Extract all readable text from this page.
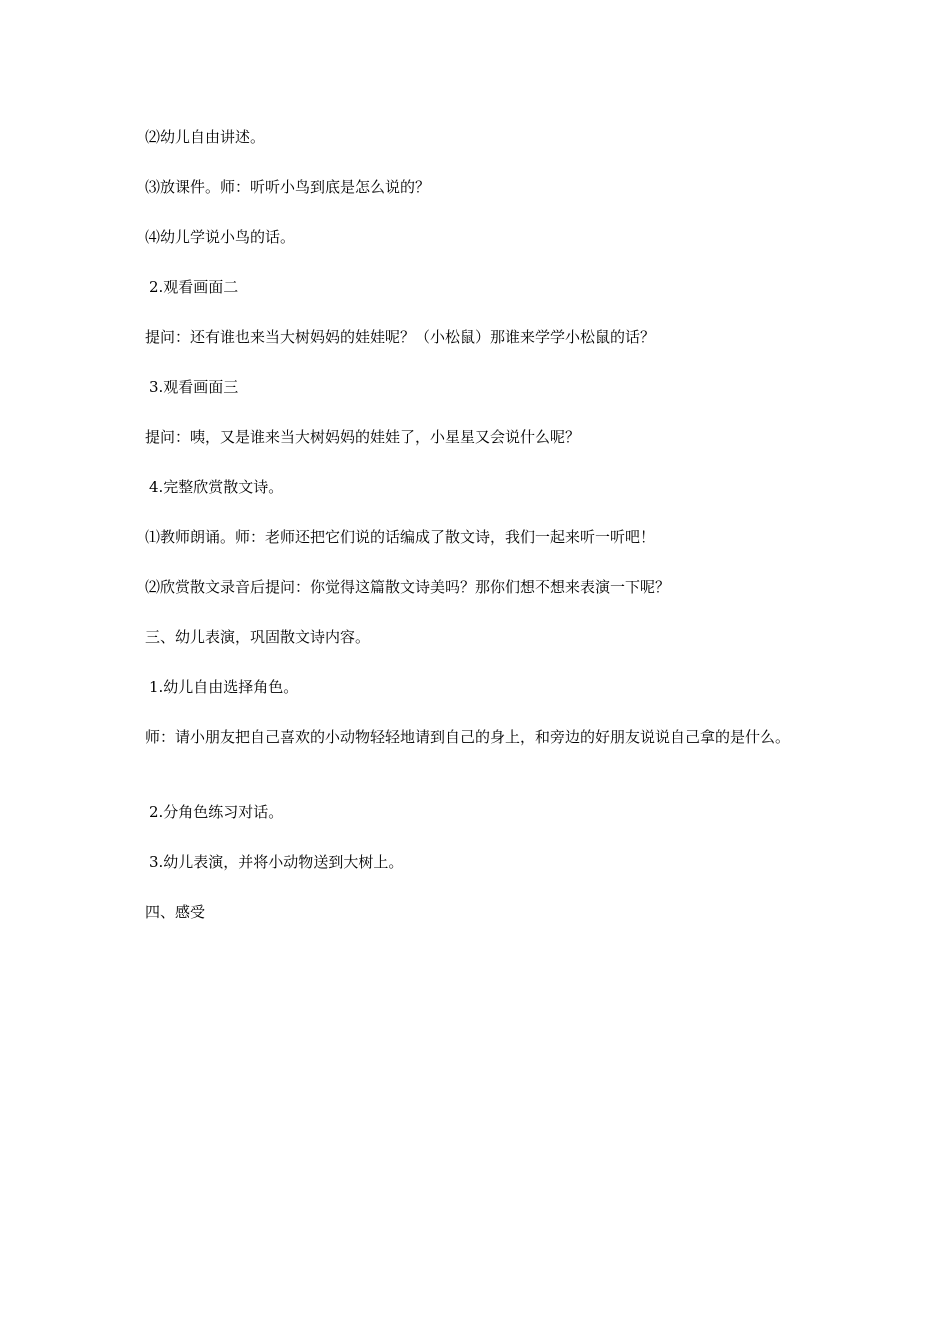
⑵幼儿自由讲述。

⑶放课件。师：听听小鸟到底是怎么说的？

⑷幼儿学说小鸟的话。

2.观看画面二

提问：还有谁也来当大树妈妈的娃娃呢？（小松鼠）那谁来学学小松鼠的话？

3.观看画面三

提问：咦，又是谁来当大树妈妈的娃娃了，小星星又会说什么呢？

4.完整欣赏散文诗。

⑴教师朗诵。师：老师还把它们说的话编成了散文诗，我们一起来听一听吧！

⑵欣赏散文录音后提问：你觉得这篇散文诗美吗？那你们想不想来表演一下呢？

三、幼儿表演，巩固散文诗内容。

1.幼儿自由选择角色。

师：请小朋友把自己喜欢的小动物轻轻地请到自己的身上，和旁边的好朋友说说自己拿的是什么。

2.分角色练习对话。

3.幼儿表演，并将小动物送到大树上。

四、感受
